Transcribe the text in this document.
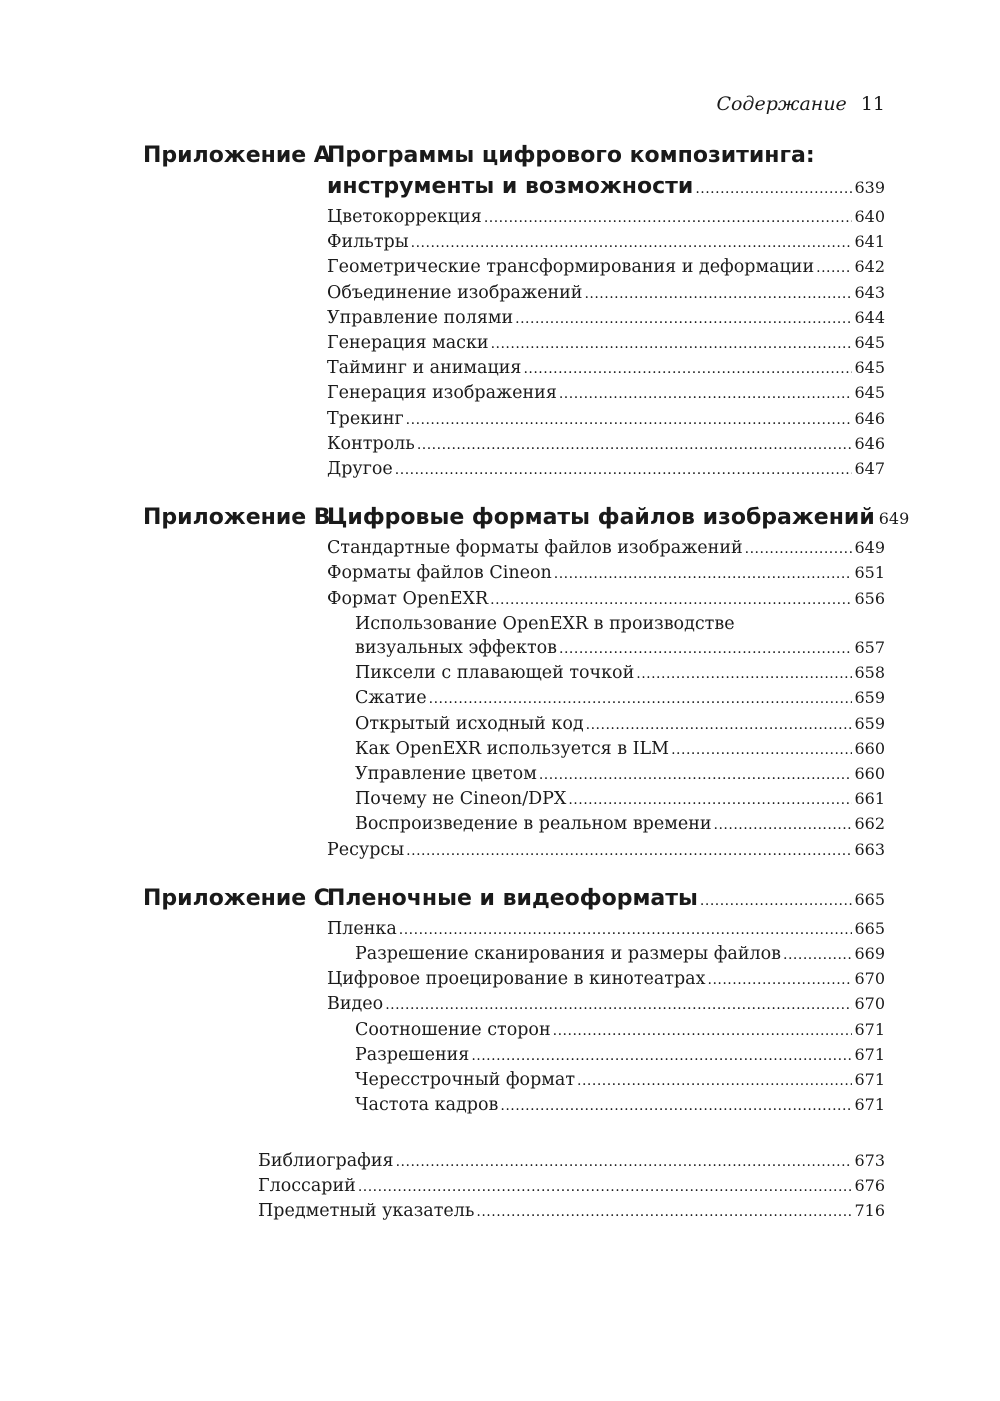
Содержание 11
Приложение A
Программы цифрового композитинга:
инструменты и возможности .....	639
Цветокоррекция .....	640
Фильтры .....	641
Геометрические трансформирования и деформации .....	642
Объединение изображений .....	643
Управление полями .....	644
Генерация маски .....	645
Тайминг и анимация .....	645
Генерация изображения .....	645
Трекинг .....	646
Контроль .....	646
Другое .....	647
Приложение B
Цифровые форматы файлов изображений 649
Стандартные форматы файлов изображений .....	649
Форматы файлов Cineon .....	651
Формат OpenEXR .....	656
Использование OpenEXR в производстве
визуальных эффектов .....	657
Пиксели с плавающей точкой .....	658
Сжатие .....	659
Открытый исходный код .....	659
Как OpenEXR используется в ILM .....	660
Управление цветом .....	660
Почему не Cineon/DPX .....	661
Воспроизведение в реальном времени .....	662
Ресурсы .....	663
Приложение C
Пленочные и видеоформаты .....	665
Пленка .....	665
Разрешение сканирования и размеры файлов .....	669
Цифровое проецирование в кинотеатрах .....	670
Видео .....	670
Соотношение сторон .....	671
Разрешения .....	671
Чересстрочный формат .....	671
Частота кадров .....	671
Библиография .....	673
Глоссарий .....	676
Предметный указатель .....	716
